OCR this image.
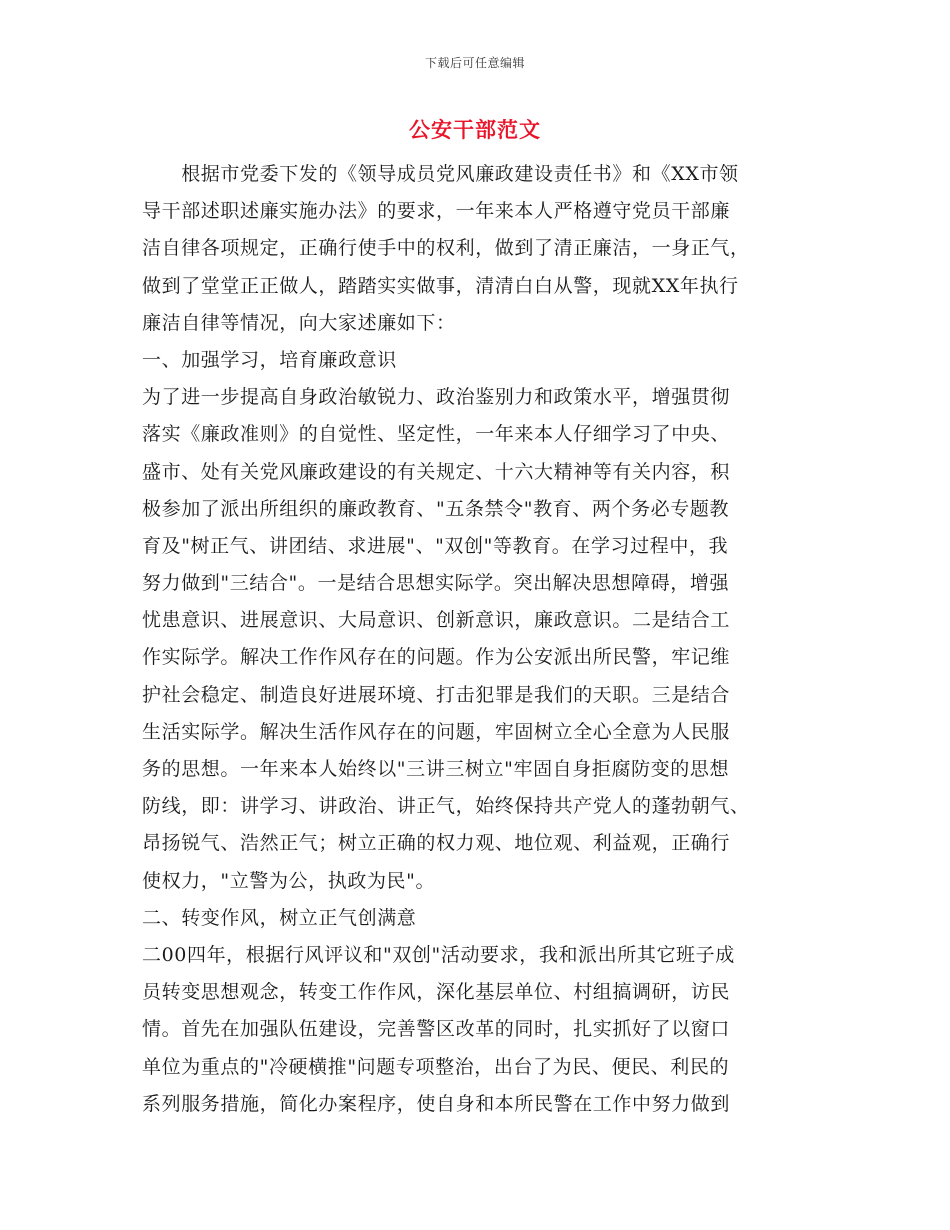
下载后可任意编辑
公安干部范文
　　根据市党委下发的《领导成员党风廉政建设责任书》和《XX市领
导干部述职述廉实施办法》的要求，一年来本人严格遵守党员干部廉
洁自律各项规定，正确行使手中的权利，做到了清正廉洁，一身正气，
做到了堂堂正正做人，踏踏实实做事，清清白白从警，现就XX年执行
廉洁自律等情况，向大家述廉如下：
一、加强学习，培育廉政意识
为了进一步提高自身政治敏锐力、政治鉴别力和政策水平，增强贯彻
落实《廉政准则》的自觉性、坚定性，一年来本人仔细学习了中央、
盛市、处有关党风廉政建设的有关规定、十六大精神等有关内容，积
极参加了派出所组织的廉政教育、"五条禁令"教育、两个务必专题教
育及"树正气、讲团结、求进展"、"双创"等教育。在学习过程中，我
努力做到"三结合"。一是结合思想实际学。突出解决思想障碍，增强
忧患意识、进展意识、大局意识、创新意识，廉政意识。二是结合工
作实际学。解决工作作风存在的问题。作为公安派出所民警，牢记维
护社会稳定、制造良好进展环境、打击犯罪是我们的天职。三是结合
生活实际学。解决生活作风存在的问题，牢固树立全心全意为人民服
务的思想。一年来本人始终以"三讲三树立"牢固自身拒腐防变的思想
防线，即：讲学习、讲政治、讲正气，始终保持共产党人的蓬勃朝气、
昂扬锐气、浩然正气；树立正确的权力观、地位观、利益观，正确行
使权力，"立警为公，执政为民"。
二、转变作风，树立正气创满意
二00四年，根据行风评议和"双创"活动要求，我和派出所其它班子成
员转变思想观念，转变工作作风，深化基层单位、村组搞调研，访民
情。首先在加强队伍建设，完善警区改革的同时，扎实抓好了以窗口
单位为重点的"冷硬横推"问题专项整治，出台了为民、便民、利民的
系列服务措施，简化办案程序，使自身和本所民警在工作中努力做到
